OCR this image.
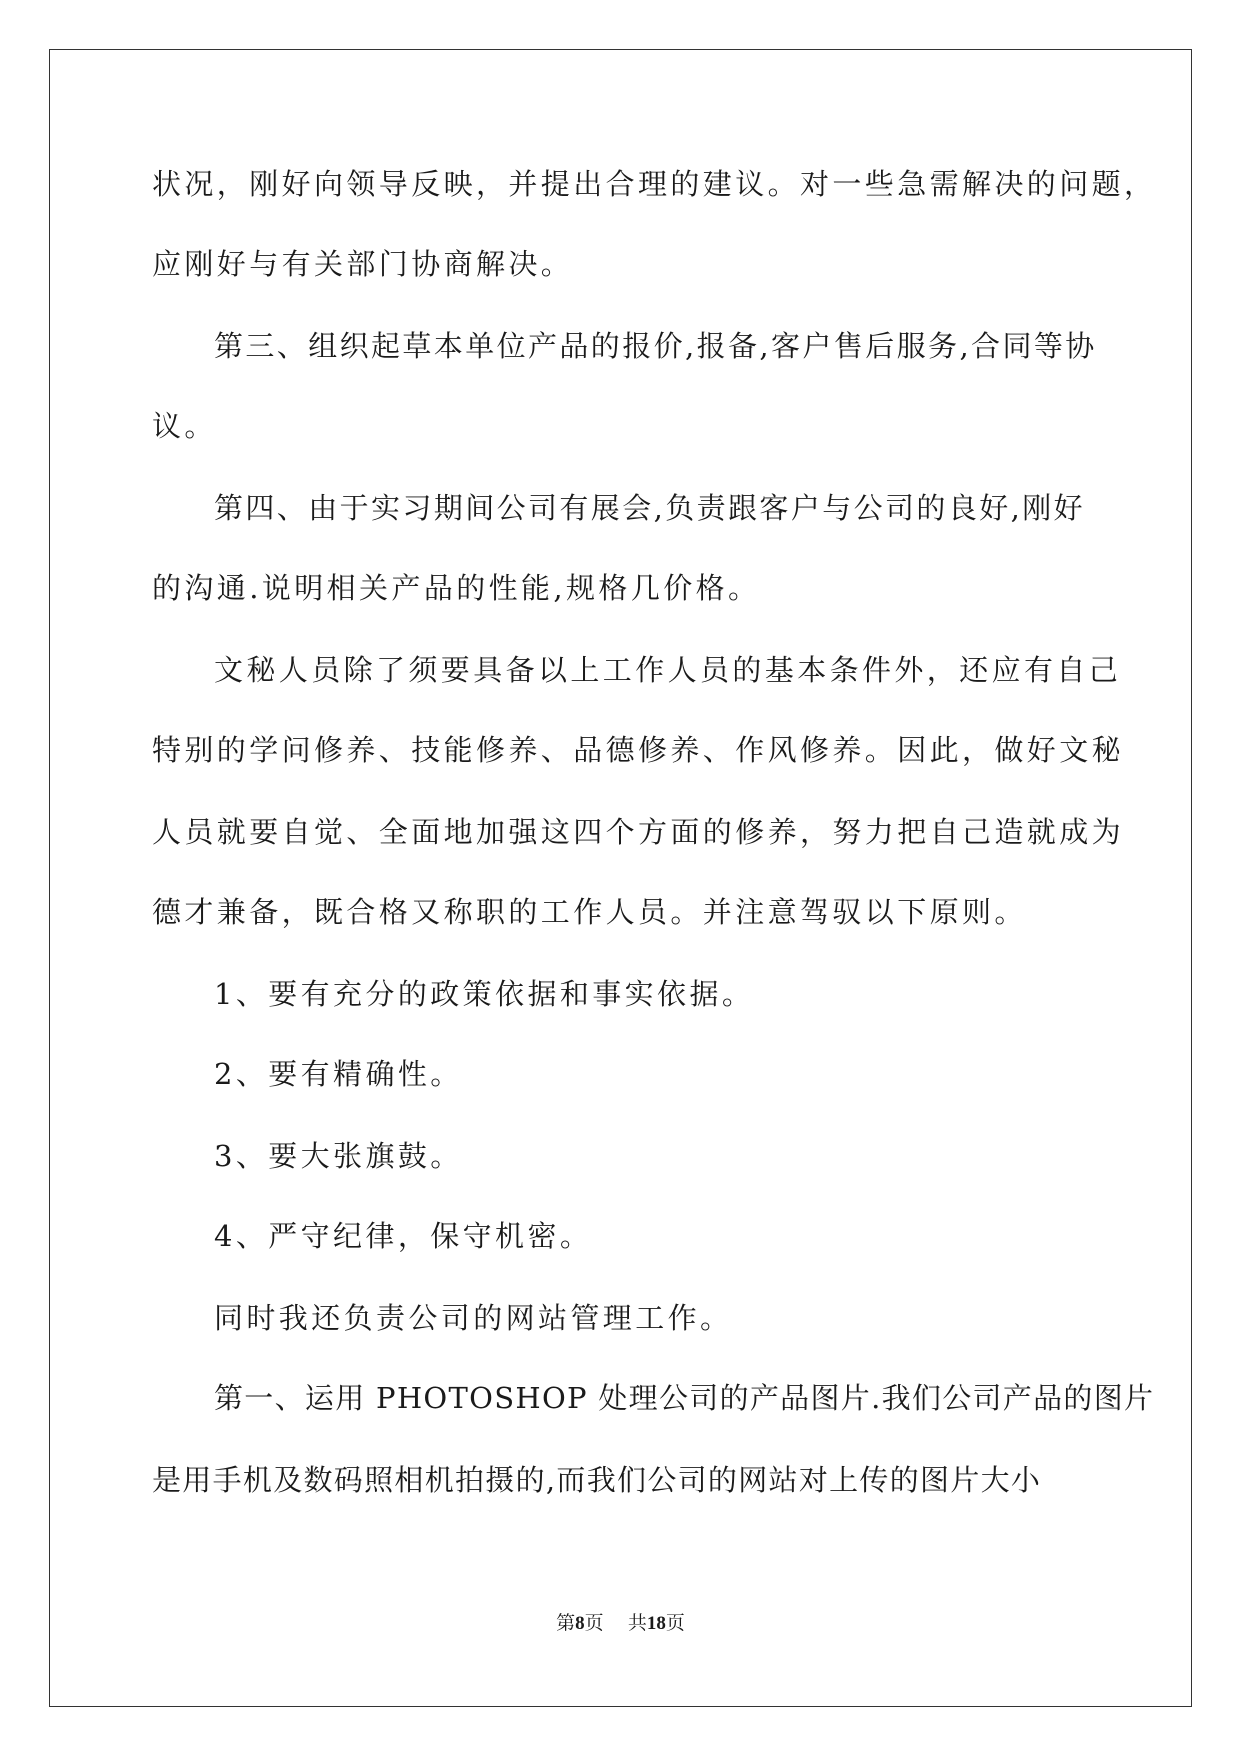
状况，刚好向领导反映，并提出合理的建议。对一些急需解决的问题，
应刚好与有关部门协商解决。
第三、组织起草本单位产品的报价,报备,客户售后服务,合同等协
议。
第四、由于实习期间公司有展会,负责跟客户与公司的良好,刚好
的沟通.说明相关产品的性能,规格几价格。
文秘人员除了须要具备以上工作人员的基本条件外，还应有自己
特别的学问修养、技能修养、品德修养、作风修养。因此，做好文秘
人员就要自觉、全面地加强这四个方面的修养，努力把自己造就成为
德才兼备，既合格又称职的工作人员。并注意驾驭以下原则。
1、要有充分的政策依据和事实依据。
2、要有精确性。
3、要大张旗鼓。
4、严守纪律，保守机密。
同时我还负责公司的网站管理工作。
第一、运用 PHOTOSHOP 处理公司的产品图片.我们公司产品的图片
是用手机及数码照相机拍摄的,而我们公司的网站对上传的图片大小
第8页 共18页
